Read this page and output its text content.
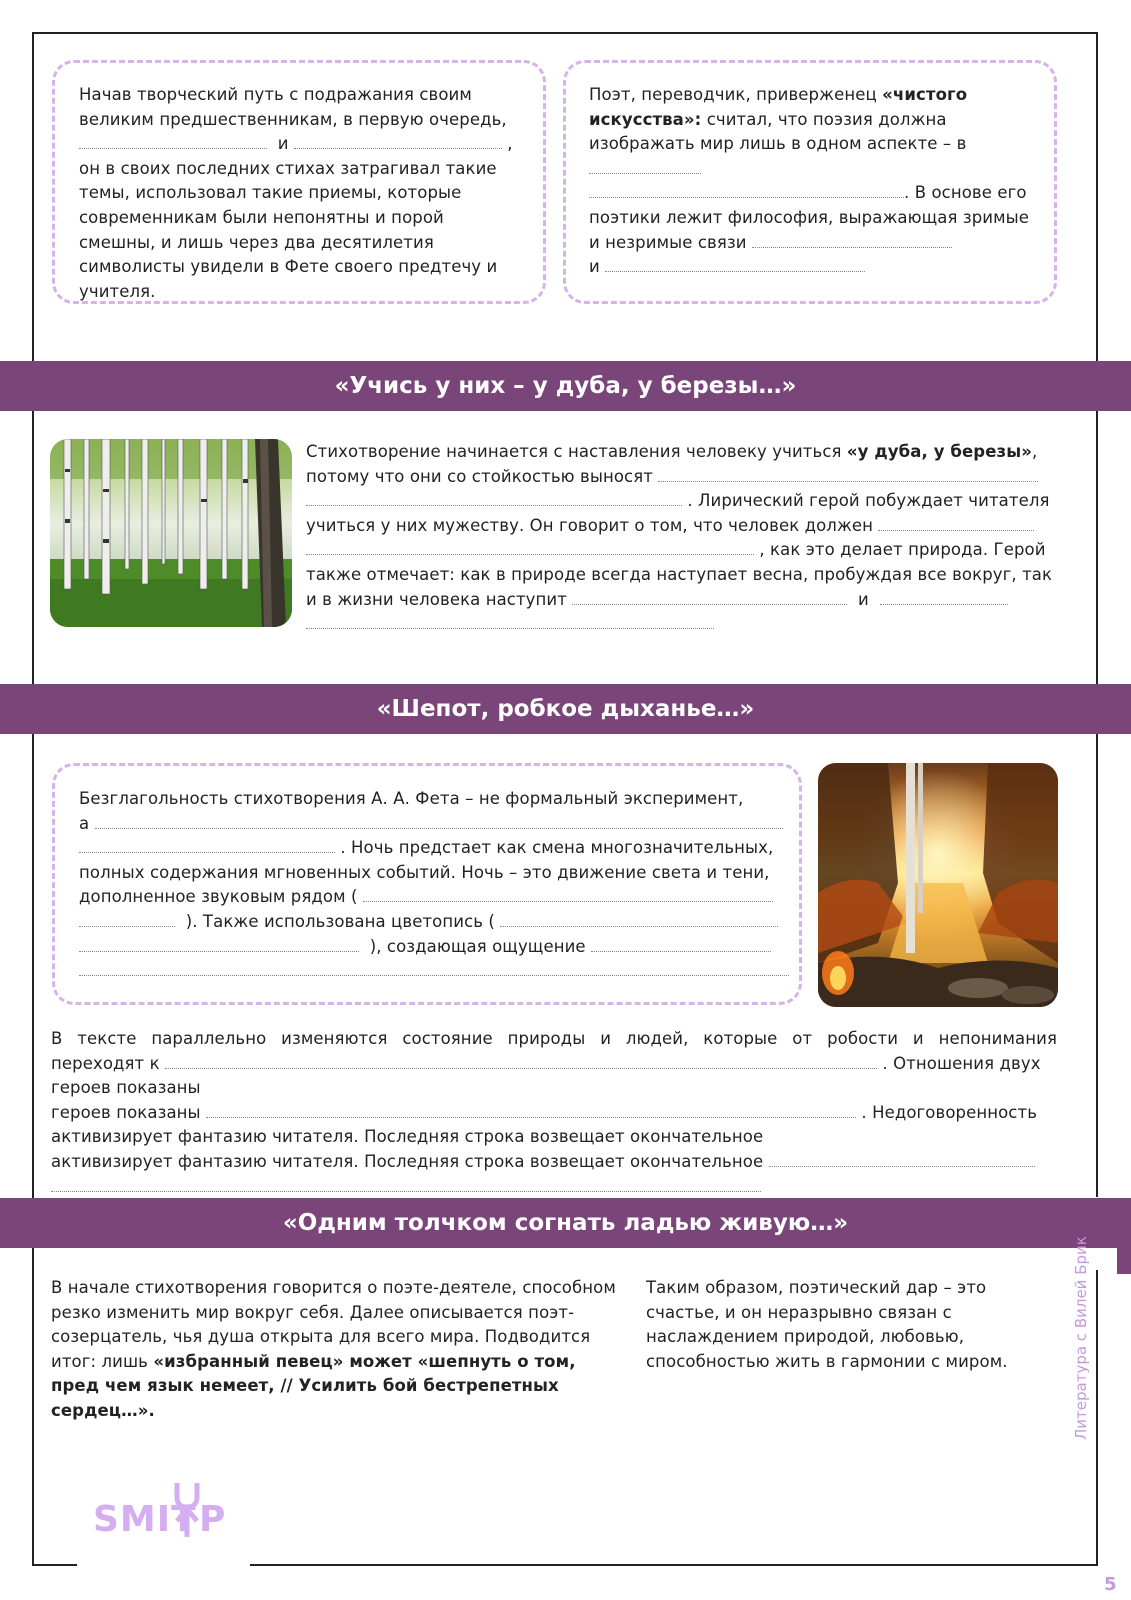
Начав творческий путь с подражания своим великим предшественникам, в первую очередь,
и	,
он в своих последних стихах затрагивал такие темы, использовал такие приемы, которые современникам были непонятны и порой смешны, и лишь через два десятилетия символисты увидели в Фете своего предтечу и учителя.
Поэт, переводчик, приверженец «чистого искусства»: считал, что поэзия должна изображать мир лишь в одном аспекте – в
. В основе его поэтики лежит философия, выражающая зримые и незримые связи
и
«Учись у них – у дуба, у березы…»
Стихотворение начинается с наставления человеку учиться «у дуба, у березы», потому что они со стойкостью выносят
. Лирический герой побуждает читателя учиться у них мужеству. Он говорит о том, что человек должен
, как это делает природа. Герой также отмечает: как в природе всегда наступает весна, пробуждая все вокруг, так и в жизни человека наступит	и

«Шепот, робкое дыханье…»
Безглагольность стихотворения А. А. Фета – не формальный эксперимент,
а
. Ночь предстает как смена многозначительных, полных содержания мгновенных событий. Ночь – это движение света и тени, дополненное звуковым рядом (
). Также использована цветопись (
), создающая ощущение

В тексте параллельно изменяются состояние природы и людей, которые от робости и непонимания
переходят к	. Отношения двух героев показаны
героев показаны	. Недоговоренность активизирует фантазию читателя. Последняя строка возвещает окончательное
активизирует фантазию читателя. Последняя строка возвещает окончательное
«Одним толчком согнать ладью живую…»
В начале стихотворения говорится о поэте-деятеле, способном резко изменить мир вокруг себя. Далее описывается поэт-созерцатель, чья душа открыта для всего мира. Подводится итог: лишь «избранный певец» может «шепнуть о том, пред чем язык немеет, // Усилить бой бестрепетных сердец…».
Таким образом, поэтический дар – это счастье, и он неразрывно связан с наслаждением природой, любовью, способностью жить в гармонии с миром.	Литература с Вилей Брик
SMIT P
5
